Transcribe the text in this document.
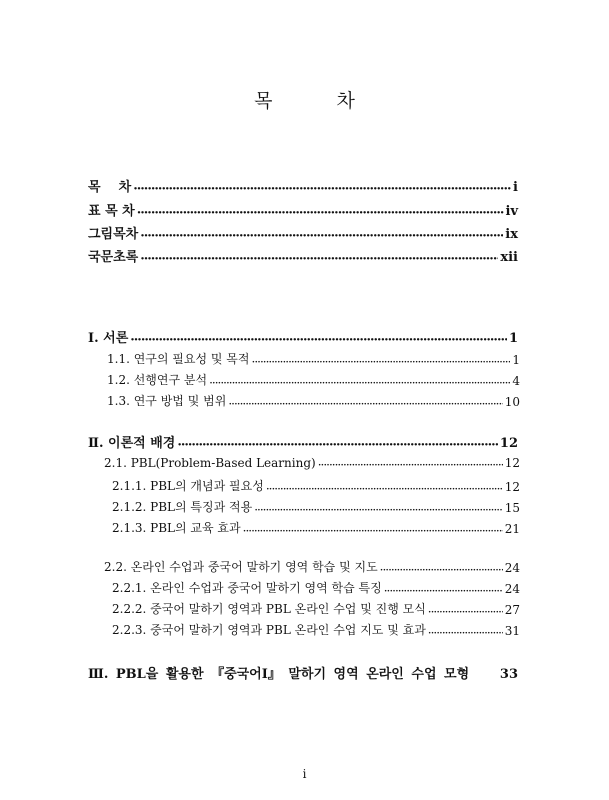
목	차
목    차 ·····	i
표 목 차 ·····	iv
그림목차 ·····	ix
국문초록 ·····	xii
Ⅰ. 서론 ·····	1
1.1. 연구의 필요성 및 목적 ·····	1
1.2. 선행연구 분석 ·····	4
1.3. 연구 방법 및 범위 ·····	10
Ⅱ. 이론적 배경 ·····	12
2.1. PBL(Problem-Based Learning) ·····	12
2.1.1. PBL의 개념과 필요성 ·····	12
2.1.2. PBL의 특징과 적용 ·····	15
2.1.3. PBL의 교육 효과 ·····	21
2.2. 온라인 수업과 중국어 말하기 영역 학습 및 지도 ·····	24
2.2.1. 온라인 수업과 중국어 말하기 영역 학습 특징 ·····	24
2.2.2. 중국어 말하기 영역과 PBL 온라인 수업 및 진행 모식 ·····	27
2.2.3. 중국어 말하기 영역과 PBL 온라인 수업 지도 및 효과 ·····	31
Ⅲ. PBL을 활용한 『중국어Ⅰ』 말하기 영역 온라인 수업 모형 33
i
